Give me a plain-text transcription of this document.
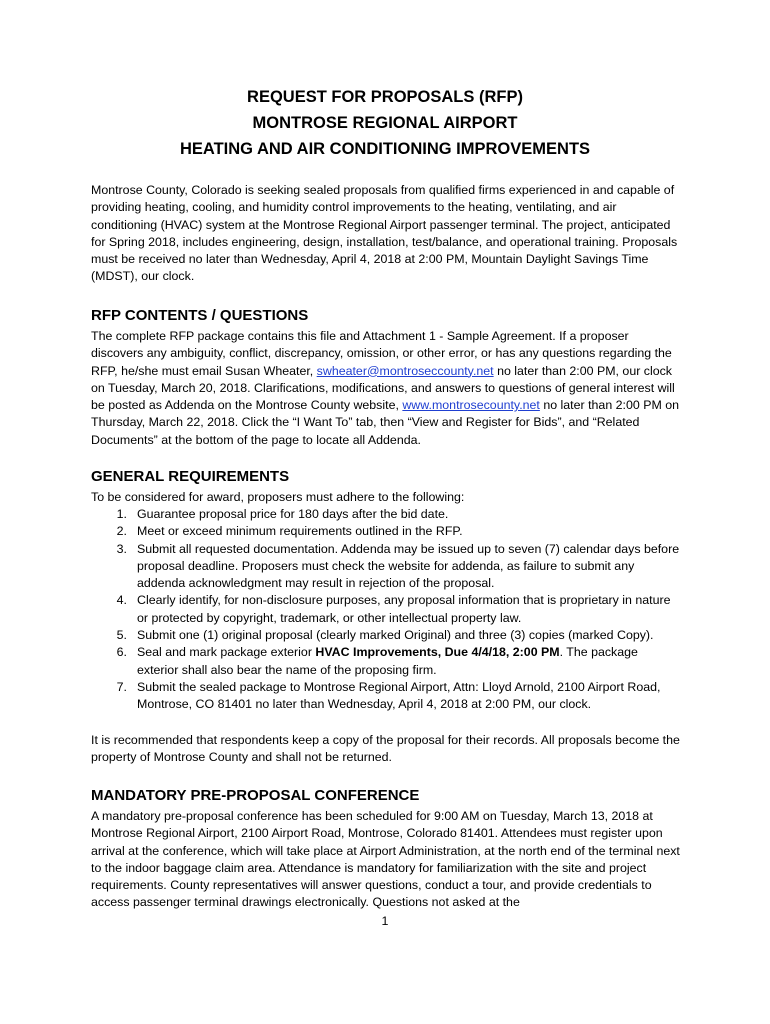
REQUEST FOR PROPOSALS (RFP)
MONTROSE REGIONAL AIRPORT
HEATING AND AIR CONDITIONING IMPROVEMENTS

Montrose County, Colorado is seeking sealed proposals from qualified firms experienced in and capable of providing heating, cooling, and humidity control improvements to the heating, ventilating, and air conditioning (HVAC) system at the Montrose Regional Airport passenger terminal. The project, anticipated for Spring 2018, includes engineering, design, installation, test/balance, and operational training. Proposals must be received no later than Wednesday, April 4, 2018 at 2:00 PM, Mountain Daylight Savings Time (MDST), our clock.

RFP CONTENTS / QUESTIONS

The complete RFP package contains this file and Attachment 1 - Sample Agreement. If a proposer discovers any ambiguity, conflict, discrepancy, omission, or other error, or has any questions regarding the RFP, he/she must email Susan Wheater, swheater@montroseccounty.net no later than 2:00 PM, our clock on Tuesday, March 20, 2018. Clarifications, modifications, and answers to questions of general interest will be posted as Addenda on the Montrose County website, www.montrosecounty.net no later than 2:00 PM on Thursday, March 22, 2018. Click the “I Want To” tab, then “View and Register for Bids”, and “Related Documents” at the bottom of the page to locate all Addenda.

GENERAL REQUIREMENTS

To be considered for award, proposers must adhere to the following:

1. Guarantee proposal price for 180 days after the bid date.
2. Meet or exceed minimum requirements outlined in the RFP.
3. Submit all requested documentation. Addenda may be issued up to seven (7) calendar days before proposal deadline. Proposers must check the website for addenda, as failure to submit any addenda acknowledgment may result in rejection of the proposal.
4. Clearly identify, for non-disclosure purposes, any proposal information that is proprietary in nature or protected by copyright, trademark, or other intellectual property law.
5. Submit one (1) original proposal (clearly marked Original) and three (3) copies (marked Copy).
6. Seal and mark package exterior HVAC Improvements, Due 4/4/18, 2:00 PM. The package exterior shall also bear the name of the proposing firm.
7. Submit the sealed package to Montrose Regional Airport, Attn: Lloyd Arnold, 2100 Airport Road, Montrose, CO 81401 no later than Wednesday, April 4, 2018 at 2:00 PM, our clock.

It is recommended that respondents keep a copy of the proposal for their records. All proposals become the property of Montrose County and shall not be returned.

MANDATORY PRE-PROPOSAL CONFERENCE

A mandatory pre-proposal conference has been scheduled for 9:00 AM on Tuesday, March 13, 2018 at Montrose Regional Airport, 2100 Airport Road, Montrose, Colorado 81401. Attendees must register upon arrival at the conference, which will take place at Airport Administration, at the north end of the terminal next to the indoor baggage claim area. Attendance is mandatory for familiarization with the site and project requirements. County representatives will answer questions, conduct a tour, and provide credentials to access passenger terminal drawings electronically. Questions not asked at the

1
